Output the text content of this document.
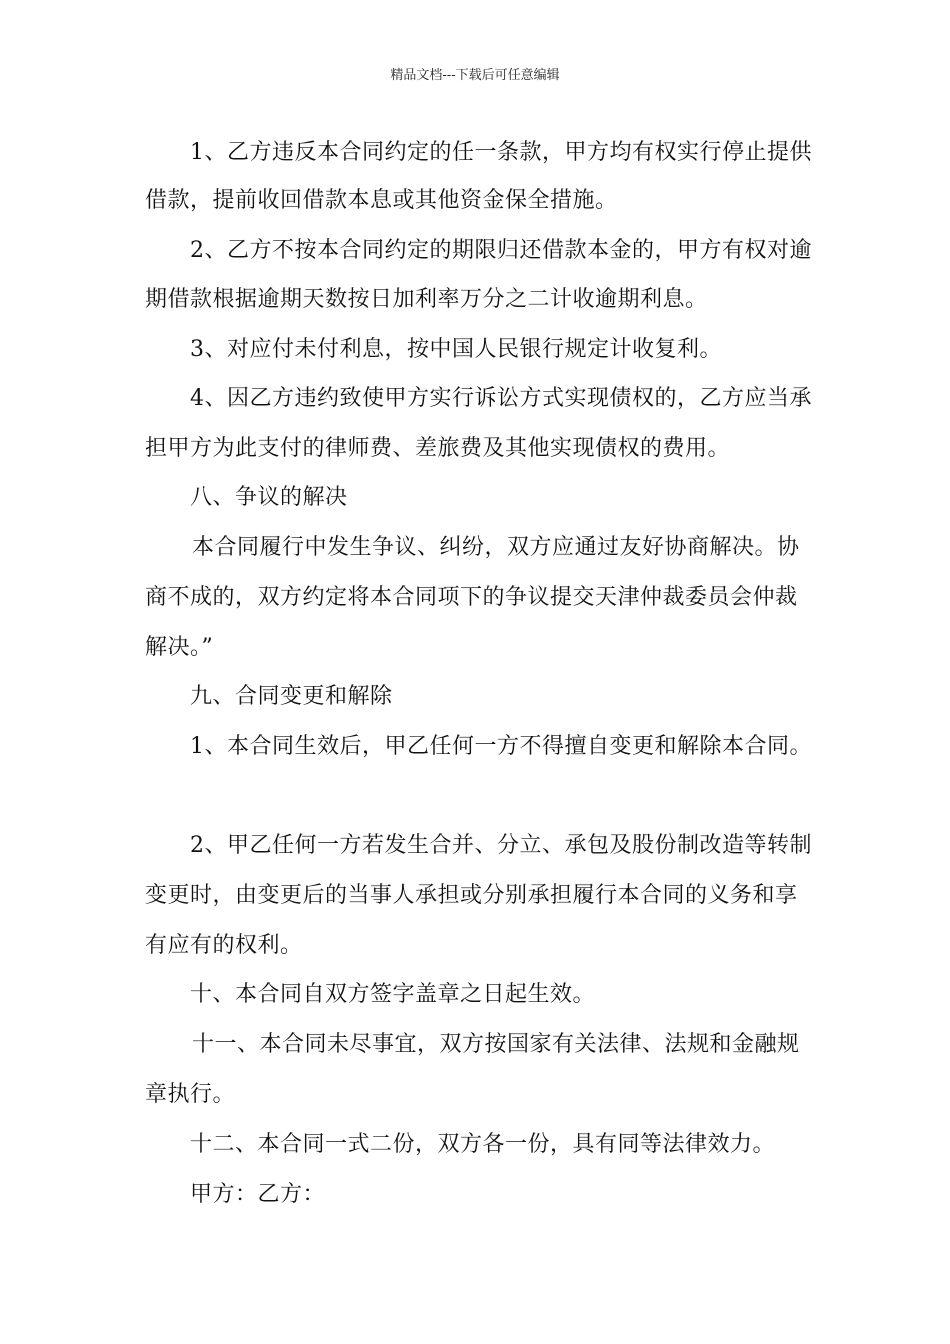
精品文档---下载后可任意编辑
1、乙方违反本合同约定的任一条款，甲方均有权实行停止提供
借款，提前收回借款本息或其他资金保全措施。
2、乙方不按本合同约定的期限归还借款本金的，甲方有权对逾
期借款根据逾期天数按日加利率万分之二计收逾期利息。
3、对应付未付利息，按中国人民银行规定计收复利。
4、因乙方违约致使甲方实行诉讼方式实现债权的，乙方应当承
担甲方为此支付的律师费、差旅费及其他实现债权的费用。
八、争议的解决
本合同履行中发生争议、纠纷，双方应通过友好协商解决。协
商不成的，双方约定将本合同项下的争议提交天津仲裁委员会仲裁
解决。”
九、合同变更和解除
1、本合同生效后，甲乙任何一方不得擅自变更和解除本合同。
2、甲乙任何一方若发生合并、分立、承包及股份制改造等转制
变更时，由变更后的当事人承担或分别承担履行本合同的义务和享
有应有的权利。
十、本合同自双方签字盖章之日起生效。
十一、本合同未尽事宜，双方按国家有关法律、法规和金融规
章执行。
十二、本合同一式二份，双方各一份，具有同等法律效力。
甲方：乙方：
